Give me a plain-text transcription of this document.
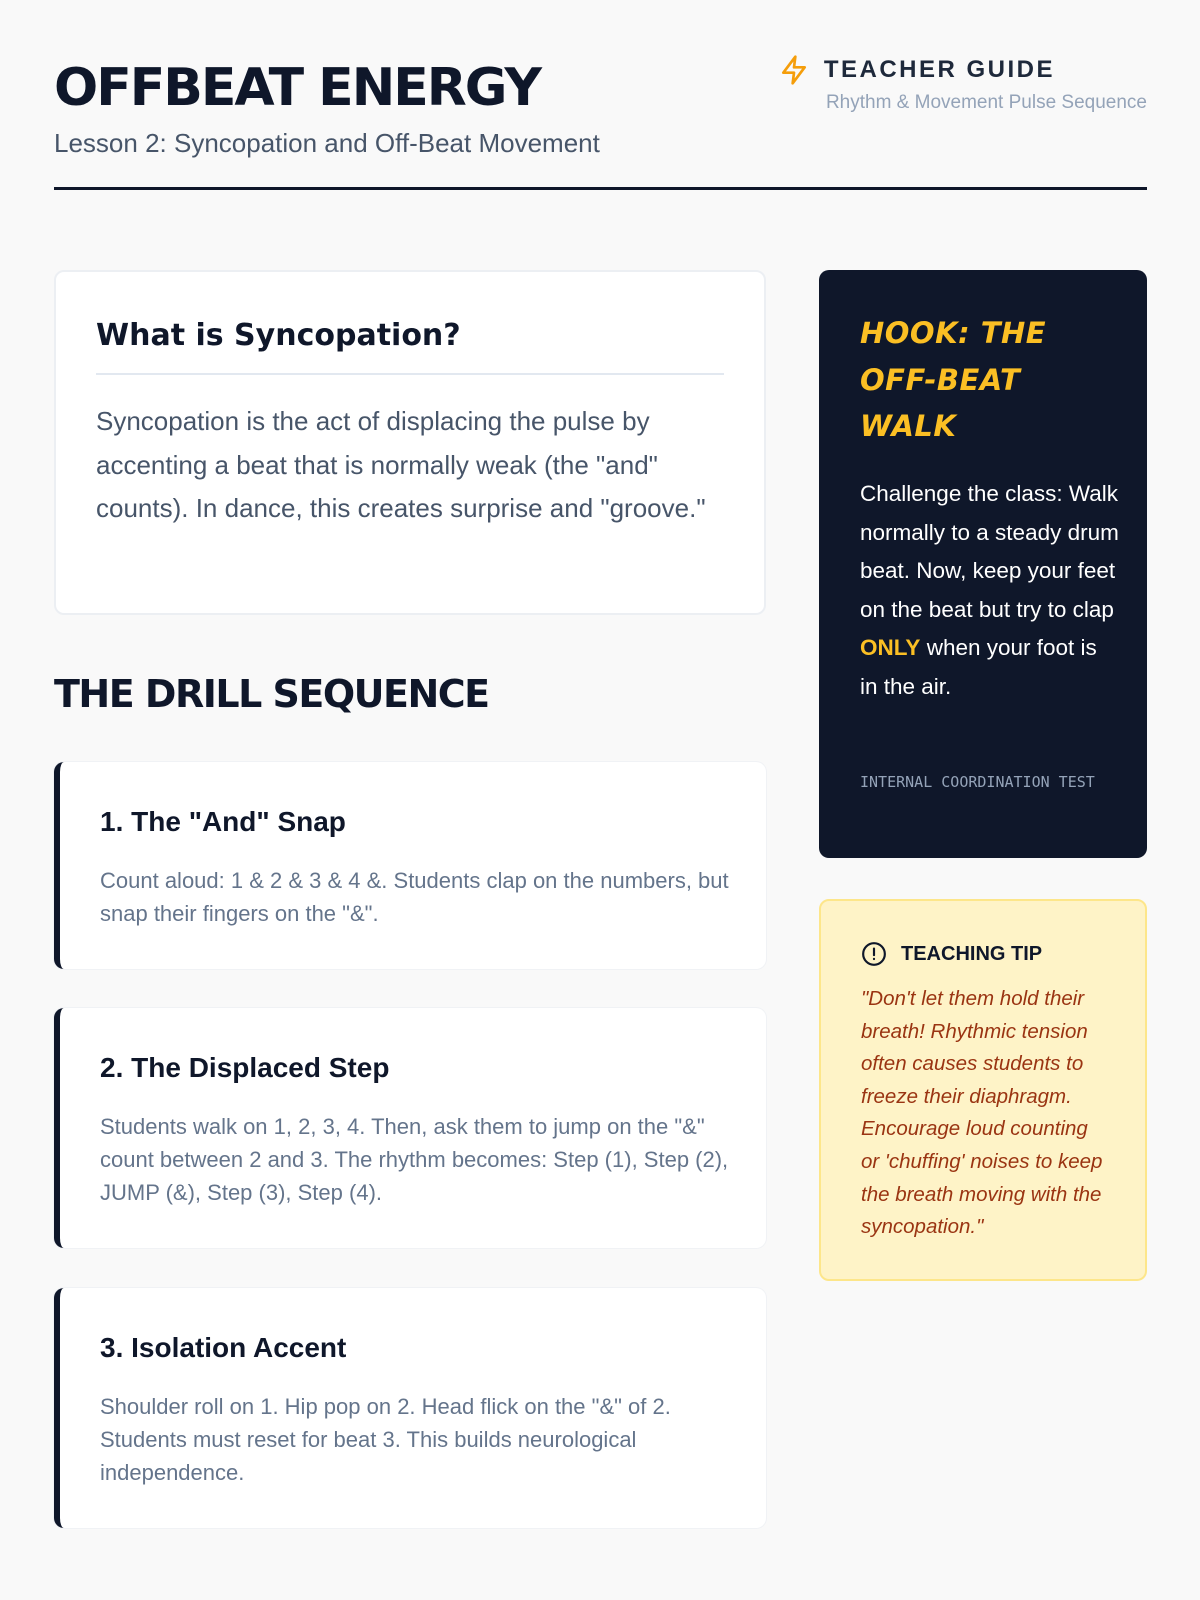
OFFBEAT ENERGY

Lesson 2: Syncopation and Off-Beat Movement

TEACHER GUIDE
Rhythm & Movement Pulse Sequence
What is Syncopation?

Syncopation is the act of displacing the pulse by accenting a beat that is normally weak (the "and" counts). In dance, this creates surprise and "groove."

THE DRILL SEQUENCE
1. The "And" Snap

Count aloud: 1 & 2 & 3 & 4 &. Students clap on the numbers, but snap their fingers on the "&".

2. The Displaced Step

Students walk on 1, 2, 3, 4. Then, ask them to jump on the "&" count between 2 and 3. The rhythm becomes: Step (1), Step (2), JUMP (&), Step (3), Step (4).

3. Isolation Accent

Shoulder roll on 1. Hip pop on 2. Head flick on the "&" of 2. Students must reset for beat 3. This builds neurological independence.

HOOK: THE OFF-BEAT WALK

Challenge the class: Walk normally to a steady drum beat. Now, keep your feet on the beat but try to clap ONLY when your foot is in the air.

INTERNAL COORDINATION TEST
TEACHING TIP

"Don't let them hold their breath! Rhythmic tension often causes students to freeze their diaphragm. Encourage loud counting or 'chuffing' noises to keep the breath moving with the syncopation."
